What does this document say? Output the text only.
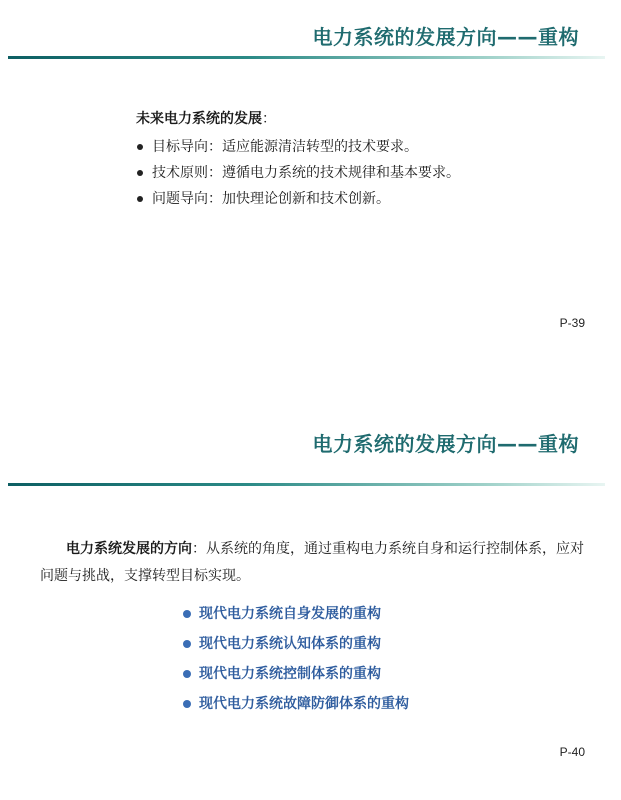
电力系统的发展方向——重构
未来电力系统的发展：
目标导向：适应能源清洁转型的技术要求。
技术原则：遵循电力系统的技术规律和基本要求。
问题导向：加快理论创新和技术创新。
P-39
电力系统的发展方向——重构
电力系统发展的方向：从系统的角度，通过重构电力系统自身和运行控制体系，应对问题与挑战，支撑转型目标实现。
现代电力系统自身发展的重构
现代电力系统认知体系的重构
现代电力系统控制体系的重构
现代电力系统故障防御体系的重构
P-40
